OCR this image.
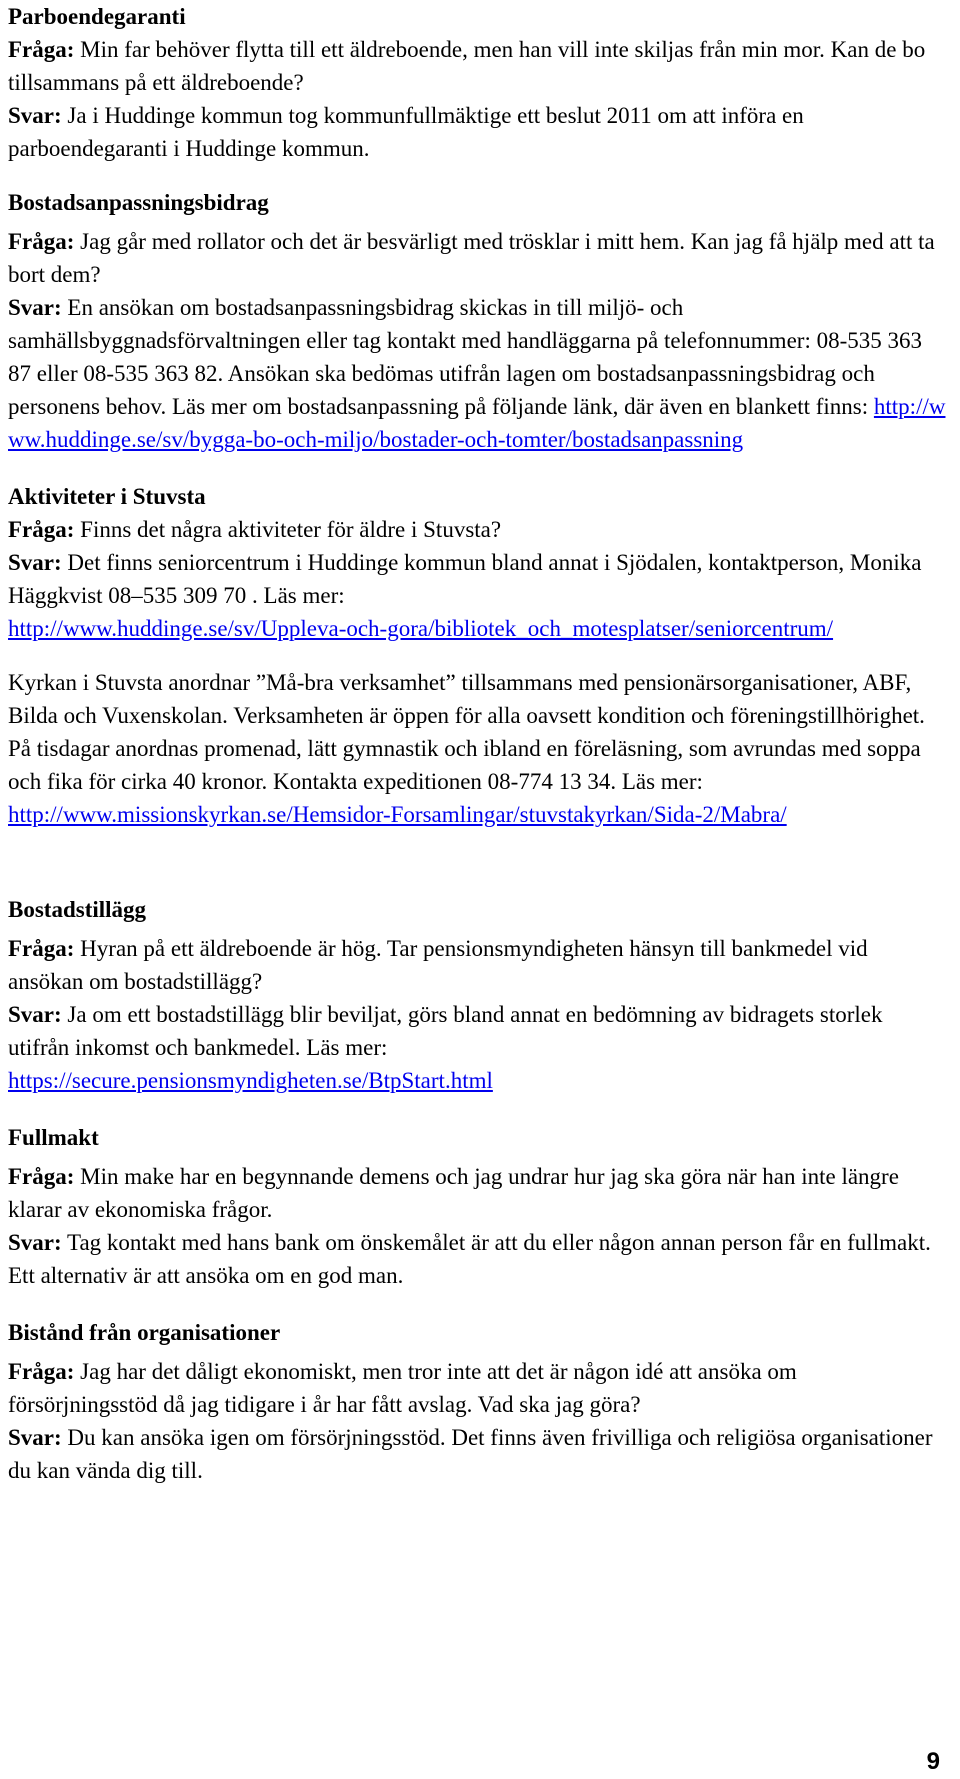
Parboendegaranti

Fråga: Min far behöver flytta till ett äldreboende, men han vill inte skiljas från min mor. Kan de bo tillsammans på ett äldreboende?

Svar: Ja i Huddinge kommun tog kommunfullmäktige ett beslut 2011 om att införa en parboendegaranti i Huddinge kommun.

Bostadsanpassningsbidrag

Fråga: Jag går med rollator och det är besvärligt med trösklar i mitt hem. Kan jag få hjälp med att ta bort dem?

Svar: En ansökan om bostadsanpassningsbidrag skickas in till miljö- och samhällsbyggnadsförvaltningen eller tag kontakt med handläggarna på telefonnummer: 08-535 363 87 eller 08-535 363 82. Ansökan ska bedömas utifrån lagen om bostadsanpassningsbidrag och personens behov. Läs mer om bostadsanpassning på följande länk, där även en blankett finns: http://www.huddinge.se/sv/bygga-bo-och-miljo/bostader-och-tomter/bostadsanpassning

Aktiviteter i Stuvsta

Fråga: Finns det några aktiviteter för äldre i Stuvsta?

Svar: Det finns seniorcentrum i Huddinge kommun bland annat i Sjödalen, kontaktperson, Monika Häggkvist 08–535 309 70 . Läs mer:
http://www.huddinge.se/sv/Uppleva-och-gora/bibliotek_och_motesplatser/seniorcentrum/

Kyrkan i Stuvsta anordnar ”Må-bra verksamhet” tillsammans med pensionärsorganisationer, ABF, Bilda och Vuxenskolan. Verksamheten är öppen för alla oavsett kondition och föreningstillhörighet. På tisdagar anordnas promenad, lätt gymnastik och ibland en föreläsning, som avrundas med soppa och fika för cirka 40 kronor. Kontakta expeditionen 08-774 13 34. Läs mer:
http://www.missionskyrkan.se/Hemsidor-Forsamlingar/stuvstakyrkan/Sida-2/Mabra/

Bostadstillägg

Fråga: Hyran på ett äldreboende är hög. Tar pensionsmyndigheten hänsyn till bankmedel vid ansökan om bostadstillägg?

Svar: Ja om ett bostadstillägg blir beviljat, görs bland annat en bedömning av bidragets storlek utifrån inkomst och bankmedel. Läs mer:
https://secure.pensionsmyndigheten.se/BtpStart.html

Fullmakt

Fråga: Min make har en begynnande demens och jag undrar hur jag ska göra när han inte längre klarar av ekonomiska frågor.

Svar: Tag kontakt med hans bank om önskemålet är att du eller någon annan person får en fullmakt. Ett alternativ är att ansöka om en god man.

Bistånd från organisationer

Fråga: Jag har det dåligt ekonomiskt, men tror inte att det är någon idé att ansöka om försörjningsstöd då jag tidigare i år har fått avslag. Vad ska jag göra?

Svar: Du kan ansöka igen om försörjningsstöd. Det finns även frivilliga och religiösa organisationer du kan vända dig till.

9
